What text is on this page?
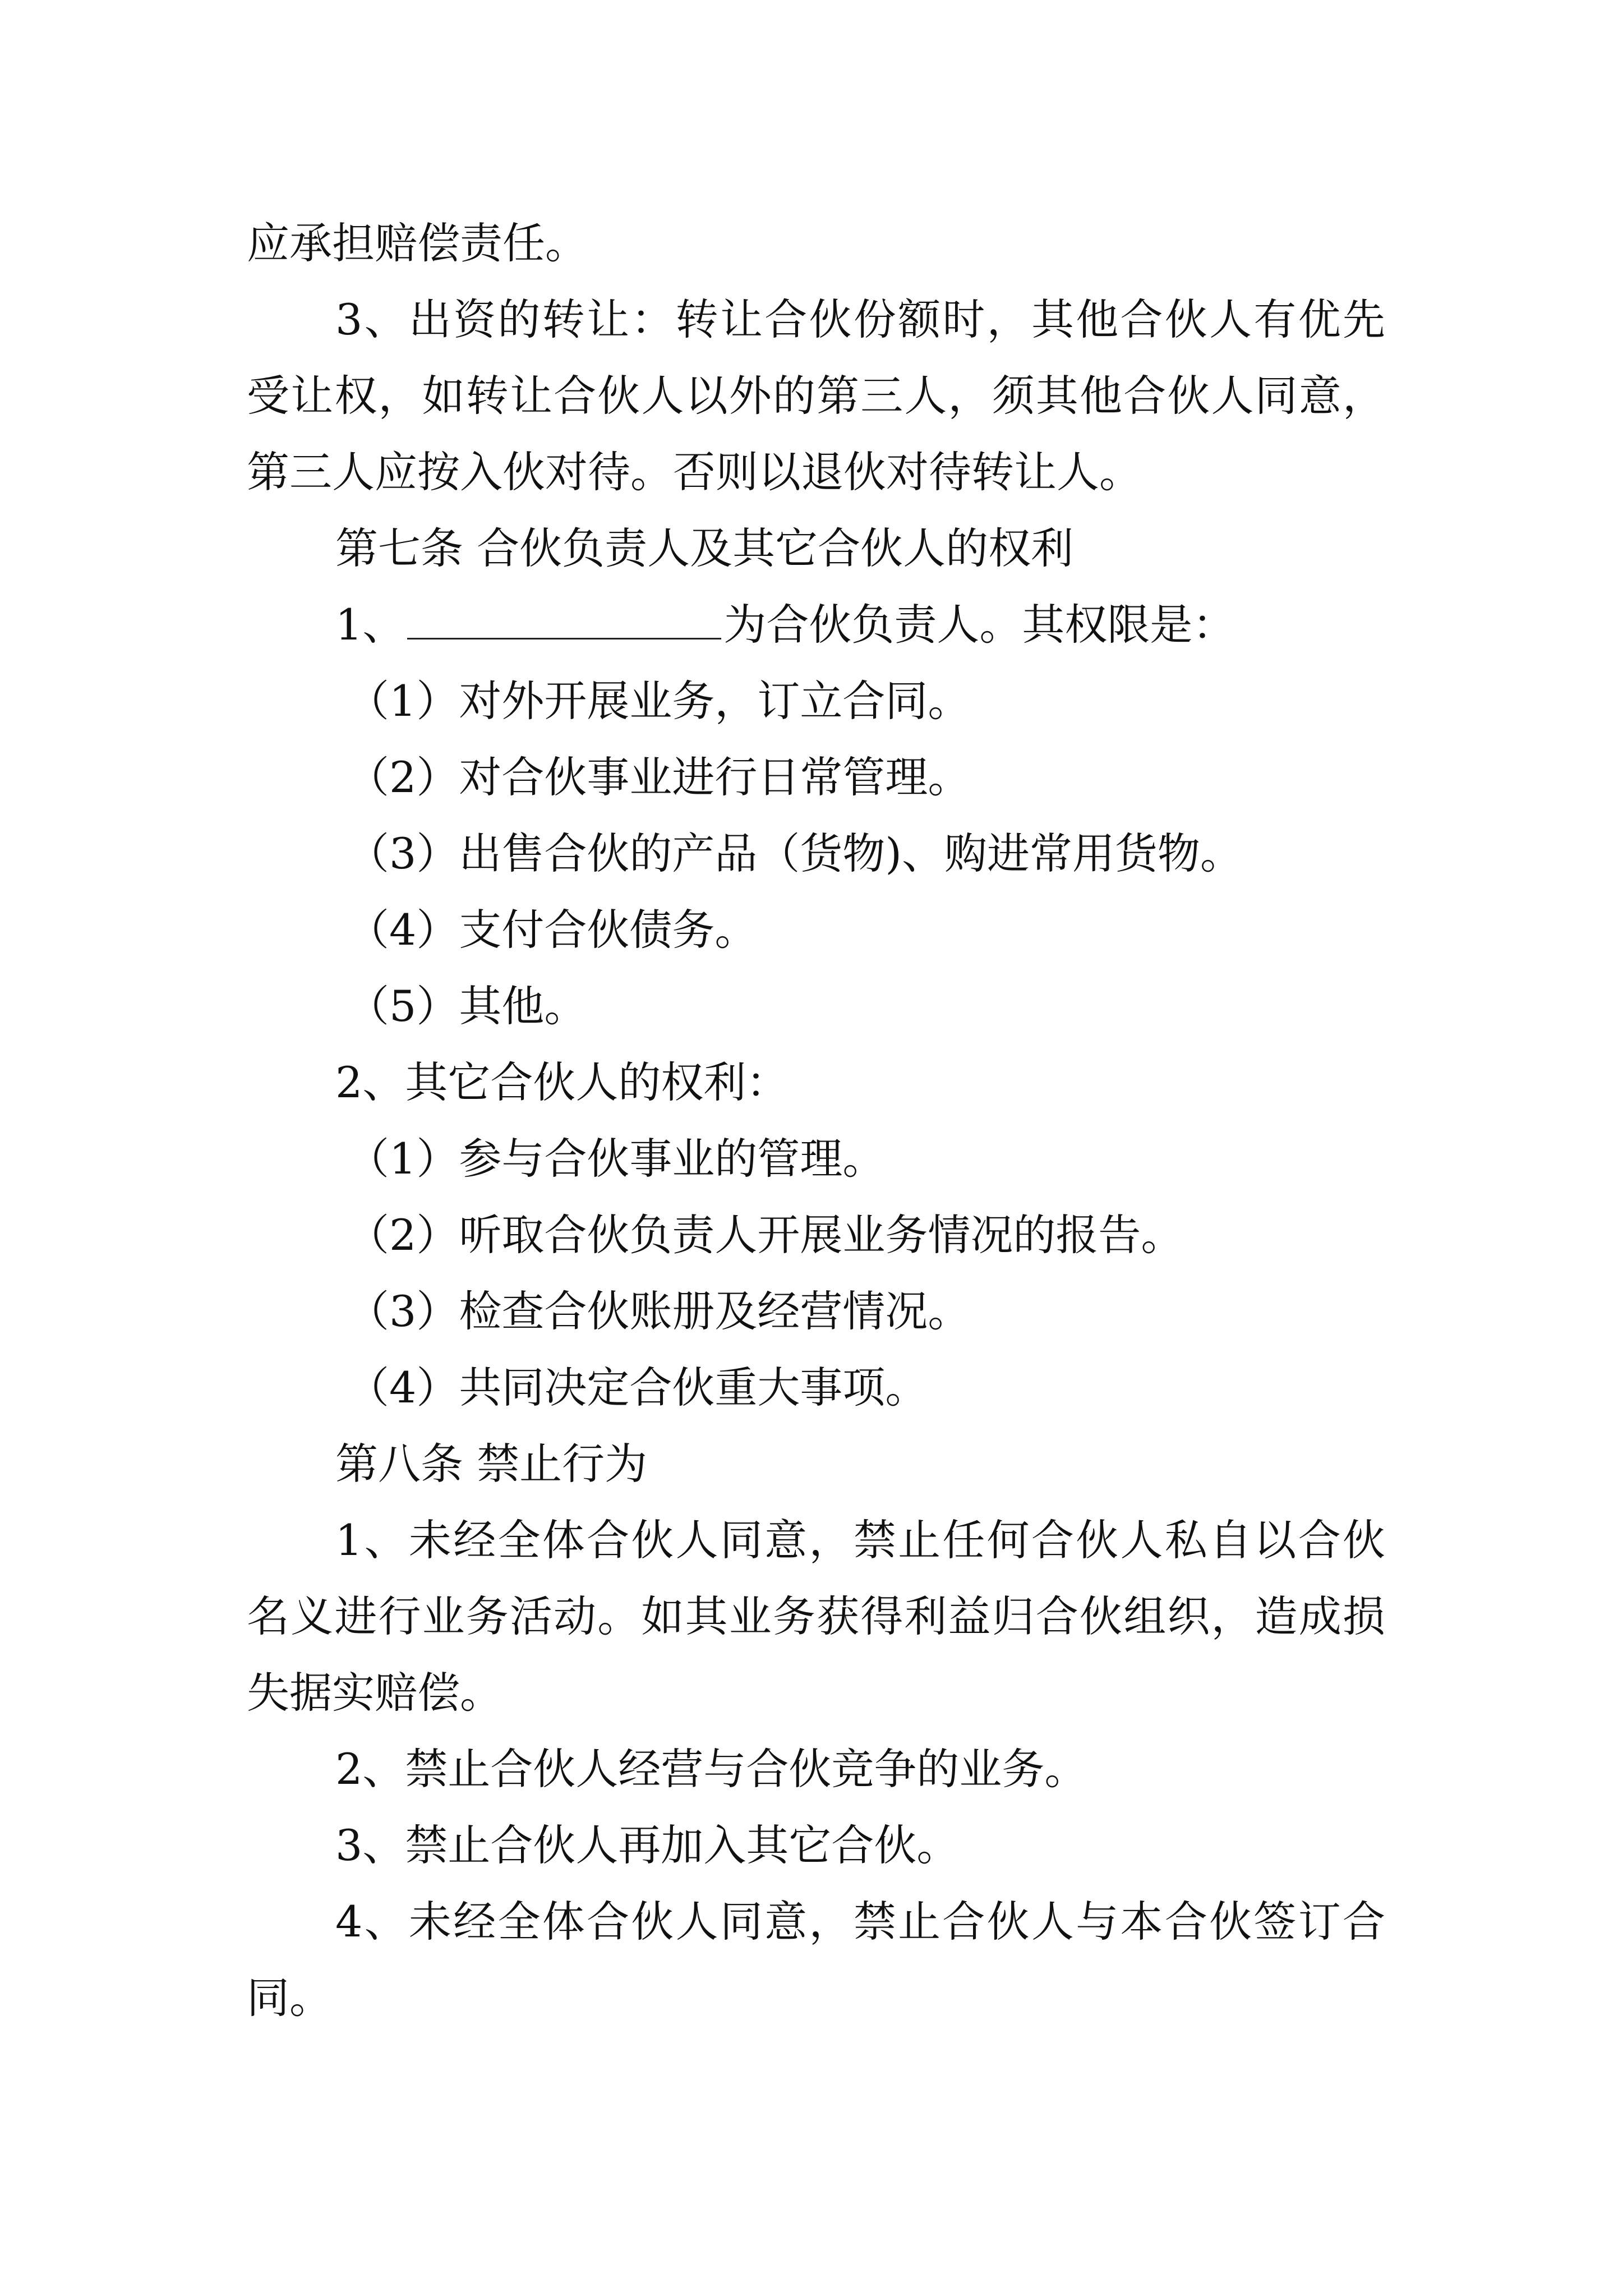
应承担赔偿责任。
3、出资的转让：转让合伙份额时，其他合伙人有优先
受让权，如转让合伙人以外的第三人，须其他合伙人同意，
第三人应按入伙对待。否则以退伙对待转让人。
第七条 合伙负责人及其它合伙人的权利
1、	为合伙负责人。其权限是：
（1）对外开展业务，订立合同。
（2）对合伙事业进行日常管理。
（3）出售合伙的产品（货物)、购进常用货物。
（4）支付合伙债务。
（5）其他。
2、其它合伙人的权利：
（1）参与合伙事业的管理。
（2）听取合伙负责人开展业务情况的报告。
（3）检查合伙账册及经营情况。
（4）共同决定合伙重大事项。
第八条 禁止行为
1、未经全体合伙人同意，禁止任何合伙人私自以合伙
名义进行业务活动。如其业务获得利益归合伙组织，造成损
失据实赔偿。
2、禁止合伙人经营与合伙竞争的业务。
3、禁止合伙人再加入其它合伙。
4、未经全体合伙人同意，禁止合伙人与本合伙签订合
同。
